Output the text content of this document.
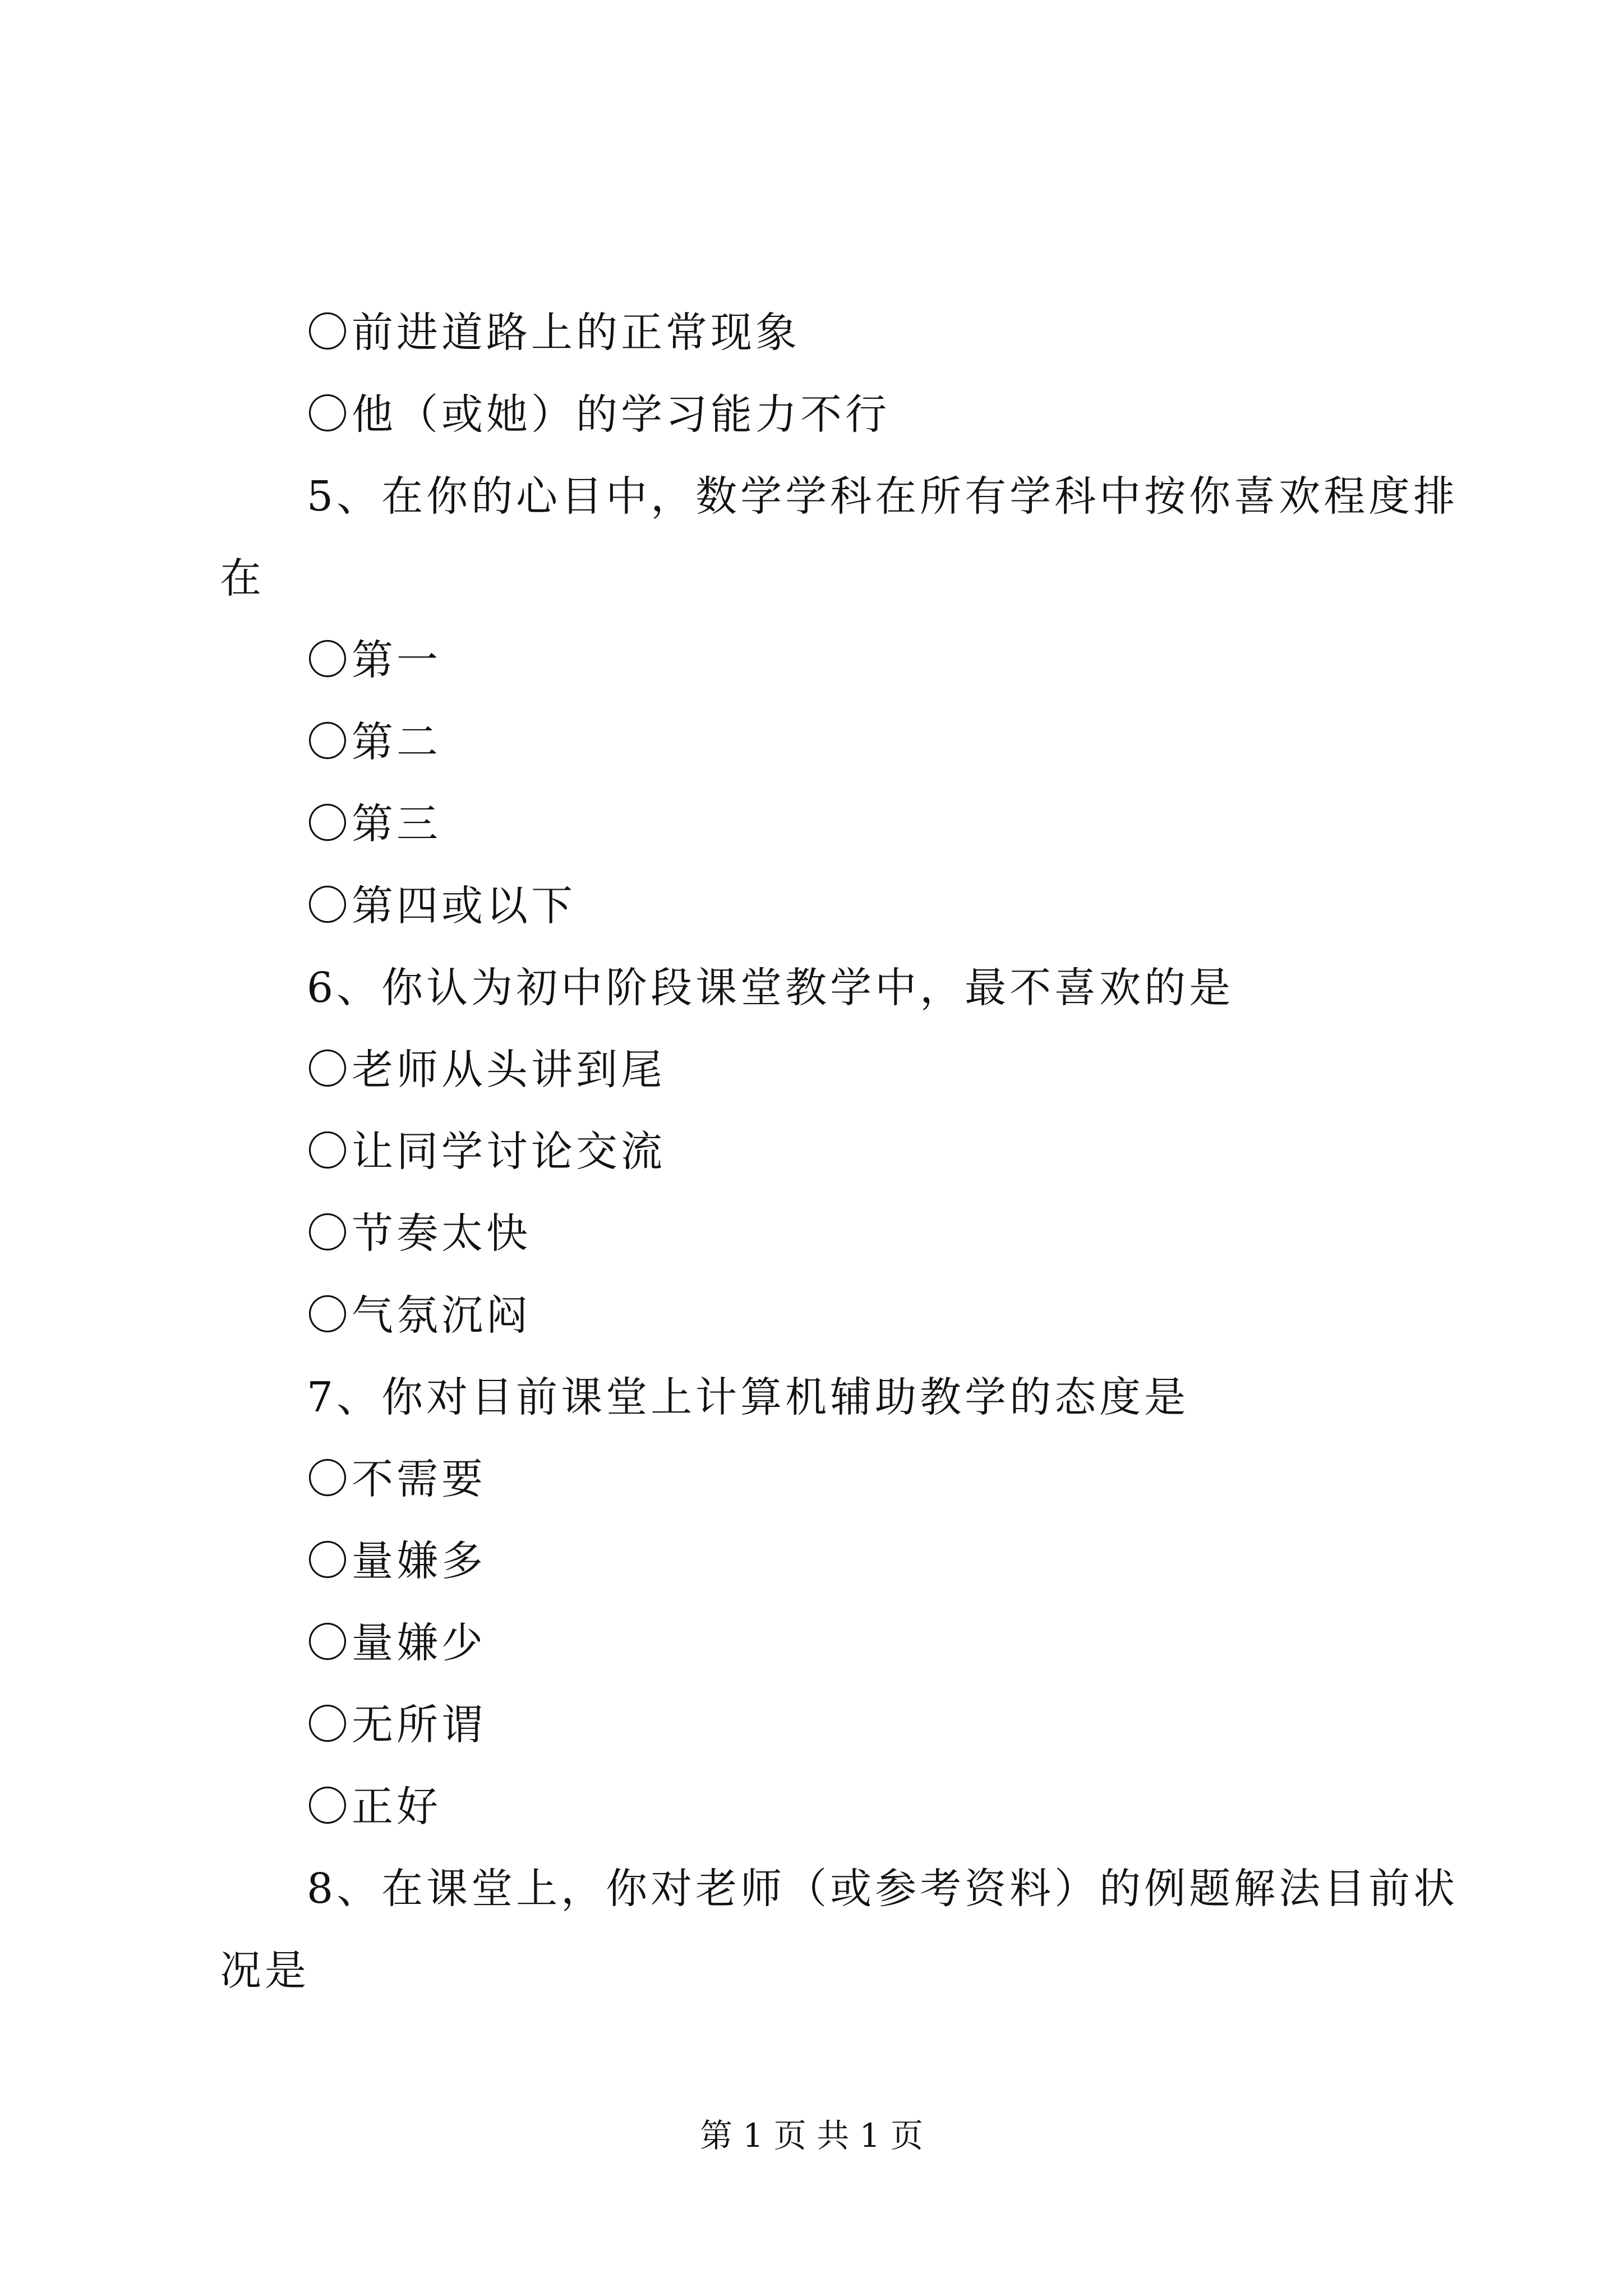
〇前进道路上的正常现象
〇他（或她）的学习能力不行
5、在你的心目中，数学学科在所有学科中按你喜欢程度排
在
〇第一
〇第二
〇第三
〇第四或以下
6、你认为初中阶段课堂教学中，最不喜欢的是
〇老师从头讲到尾
〇让同学讨论交流
〇节奏太快
〇气氛沉闷
7、你对目前课堂上计算机辅助教学的态度是
〇不需要
〇量嫌多
〇量嫌少
〇无所谓
〇正好
8、在课堂上，你对老师（或参考资料）的例题解法目前状
况是
第 1 页 共 1 页
